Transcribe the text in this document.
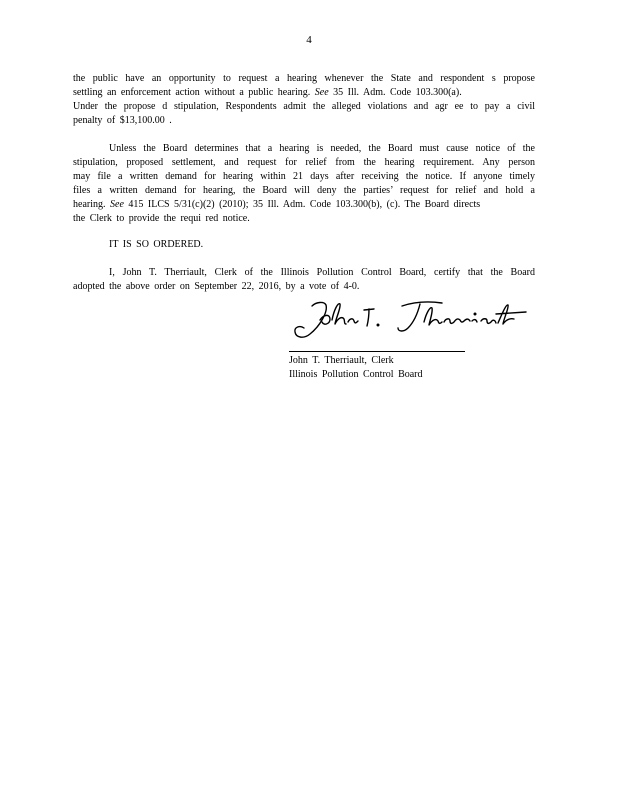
4
the public have an opportunity to request a hearing whenever the State and respondent s propose
settling an enforcement action without a public hearing. See 35 Ill. Adm. Code 103.300(a).
Under the propose d stipulation, Respondents admit the alleged violations and agr ee to pay a civil
penalty of $13,100.00 .
Unless the Board determines that a hearing is needed, the Board must cause notice of the
stipulation, proposed settlement, and request for relief from the hearing requirement. Any person
may file a written demand for hearing within 21 days after receiving the notice. If anyone timely
files a written demand for hearing, the Board will deny the parties’ request for relief and hold a
hearing. See 415 ILCS 5/31(c)(2) (2010); 35 Ill. Adm. Code 103.300(b), (c). The Board directs
the Clerk to provide the requi red notice.
IT IS SO ORDERED.
I, John T. Therriault, Clerk of the Illinois Pollution Control Board, certify that the Board
adopted the above order on September 22, 2016, by a vote of 4-0.
John T. Therriault, Clerk
Illinois Pollution Control Board
